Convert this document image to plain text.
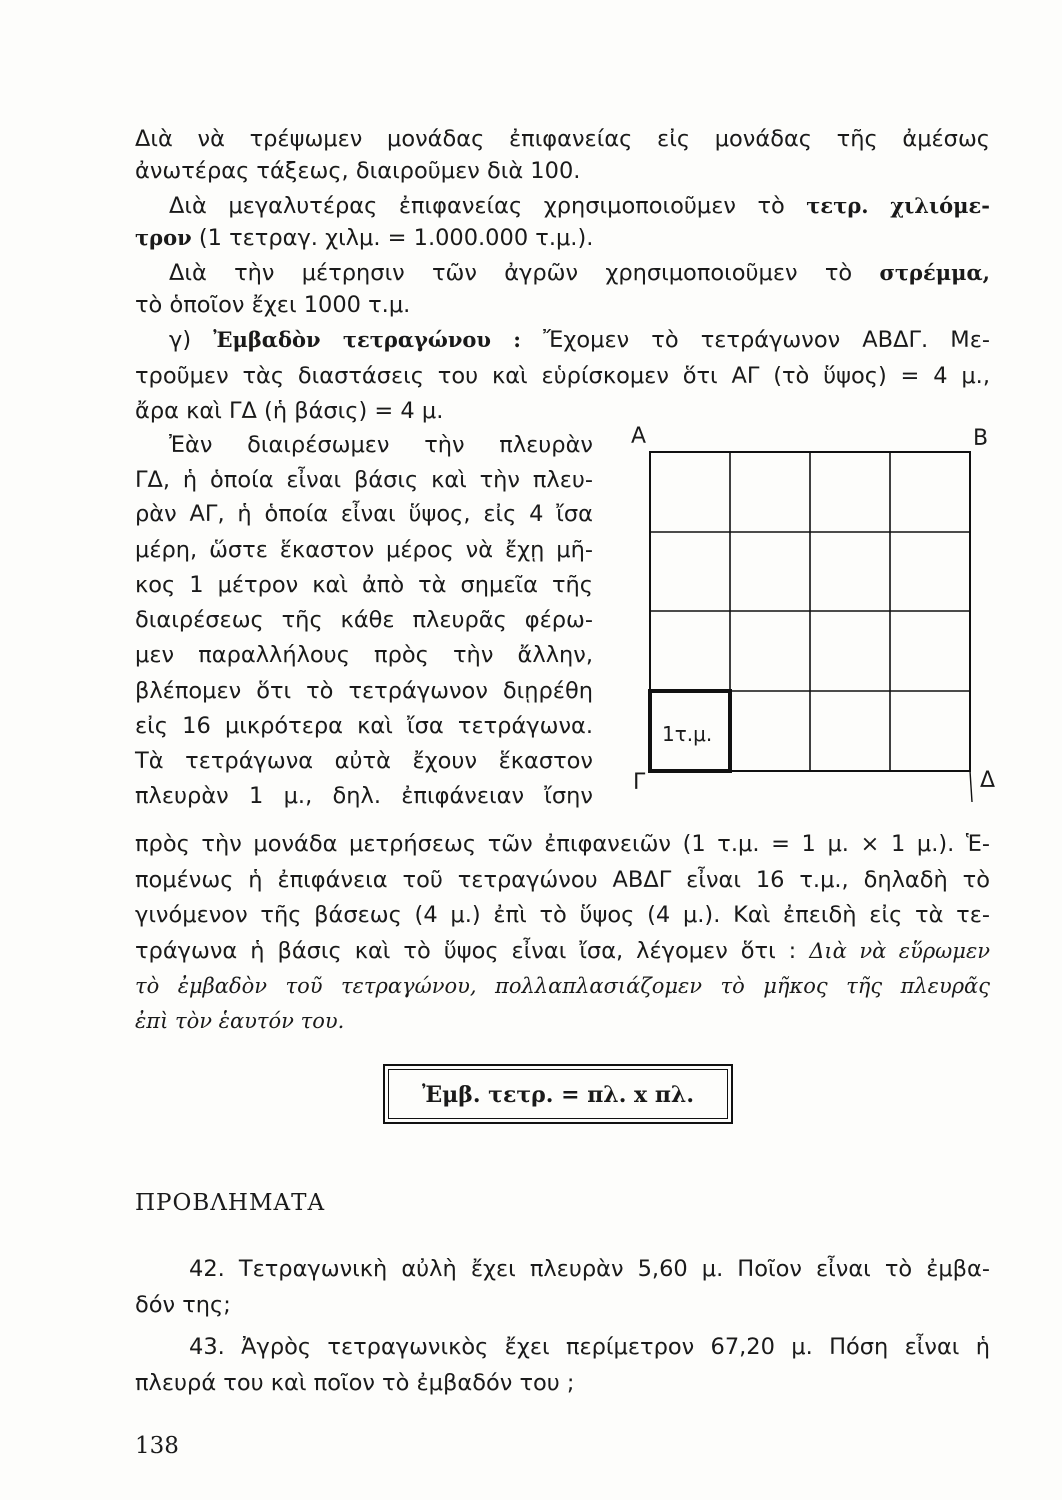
Διὰ νὰ τρέψωμεν μονάδας ἐπιφανείας εἰς μονάδας τῆς ἀμέσως
ἀνωτέρας τάξεως, διαιροῦμεν διὰ 100.
Διὰ μεγαλυτέρας ἐπιφανείας χρησιμοποιοῦμεν τὸ τετρ. χιλιόμε-
τρον (1 τετραγ. χιλμ. = 1.000.000 τ.μ.).
Διὰ τὴν μέτρησιν τῶν ἀγρῶν χρησιμοποιοῦμεν τὸ στρέμμα,
τὸ ὁποῖον ἔχει 1000 τ.μ.
γ) Ἐμβαδὸν τετραγώνου : Ἔχομεν τὸ τετράγωνον ΑΒΔΓ. Με-
τροῦμεν τὰς διαστάσεις του καὶ εὑρίσκομεν ὅτι ΑΓ (τὸ ὕψος) = 4 μ.,
ἄρα καὶ ΓΔ (ἡ βάσις) = 4 μ.
Ἐὰν διαιρέσωμεν τὴν πλευρὰν
ΓΔ, ἡ ὁποία εἶναι βάσις καὶ τὴν πλευ-
ρὰν ΑΓ, ἡ ὁποία εἶναι ὕψος, εἰς 4 ἴσα
μέρη, ὥστε ἕκαστον μέρος νὰ ἔχῃ μῆ-
κος 1 μέτρον καὶ ἀπὸ τὰ σημεῖα τῆς
διαιρέσεως τῆς κάθε πλευρᾶς φέρω-
μεν παραλλήλους πρὸς τὴν ἄλλην,
βλέπομεν ὅτι τὸ τετράγωνον διῃρέθη
εἰς 16 μικρότερα καὶ ἴσα τετράγωνα.
Τὰ τετράγωνα αὐτὰ ἔχουν ἕκαστον
πλευρὰν 1 μ., δηλ. ἐπιφάνειαν ἴσην
Α	Β
Γ	Δ
1τ.μ.
πρὸς τὴν μονάδα μετρήσεως τῶν ἐπιφανειῶν (1 τ.μ. = 1 μ. × 1 μ.). Ἑ-
πομένως ἡ ἐπιφάνεια τοῦ τετραγώνου ΑΒΔΓ εἶναι 16 τ.μ., δηλαδὴ τὸ
γινόμενον τῆς βάσεως (4 μ.) ἐπὶ τὸ ὕψος (4 μ.). Καὶ ἐπειδὴ εἰς τὰ τε-
τράγωνα ἡ βάσις καὶ τὸ ὕψος εἶναι ἴσα, λέγομεν ὅτι : Διὰ νὰ εὕρωμεν
τὸ ἐμβαδὸν τοῦ τετραγώνου, πολλαπλασιάζομεν τὸ μῆκος τῆς πλευρᾶς
ἐπὶ τὸν ἑαυτόν του.
Ἐμβ. τετρ. = πλ. x πλ.
ΠΡΟΒΛΗΜΑΤΑ
42. Τετραγωνικὴ αὐλὴ ἔχει πλευρὰν 5,60 μ. Ποῖον εἶναι τὸ ἐμβα-
δόν της;
43. Ἀγρὸς τετραγωνικὸς ἔχει περίμετρον 67,20 μ. Πόση εἶναι ἡ
πλευρά του καὶ ποῖον τὸ ἐμβαδόν του ;
138
